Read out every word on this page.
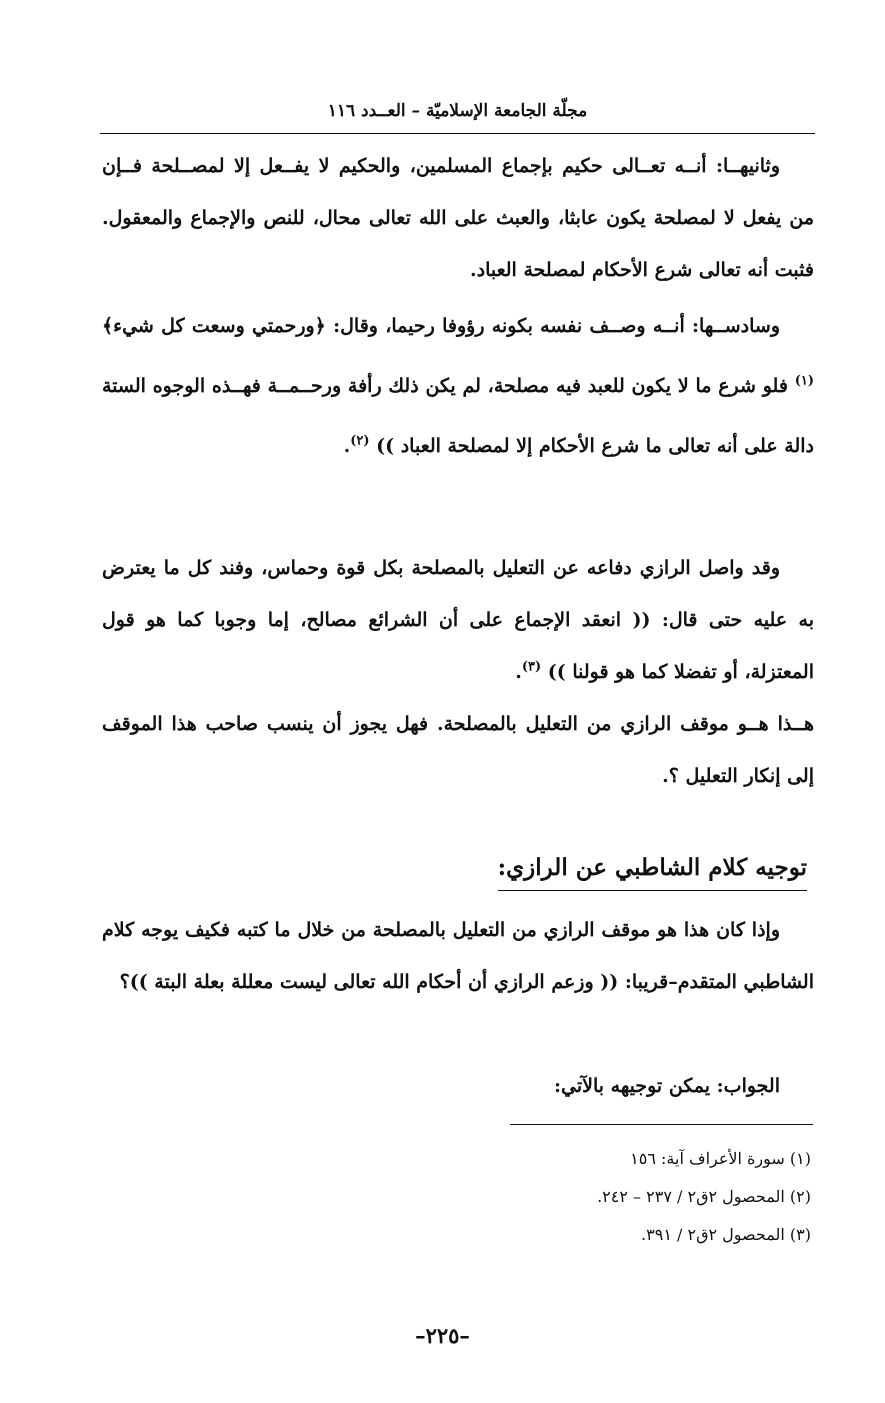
مجلّة الجامعة الإسلاميّة – العــدد ١١٦

وثانيهــا: أنــه تعــالى حكيم بإجماع المسلمين، والحكيم لا يفــعل إلا لمصــلحة فــإن من يفعل لا لمصلحة يكون عابثا، والعبث على الله تعالى محال، للنص والإجماع والمعقول. فثبت أنه تعالى شرع الأحكام لمصلحة العباد.

وسادســها: أنــه وصــف نفسه بكونه رؤوفا رحيما، وقال: ﴿ورحمتي وسعت كل شيء﴾$^{(١)}$ فلو شرع ما لا يكون للعبد فيه مصلحة، لم يكن ذلك رأفة ورحــمــة فهــذه الوجوه الستة دالة على أنه تعالى ما شرع الأحكام إلا لمصلحة العباد )) $^{(٢)}$.

وقد واصل الرازي دفاعه عن التعليل بالمصلحة بكل قوة وحماس، وفند كل ما يعترض به عليه حتى قال: (( انعقد الإجماع على أن الشرائع مصالح، إما وجوبا كما هو قول المعتزلة، أو تفضلا كما هو قولنا )) $^{(٣)}$.

هــذا هــو موقف الرازي من التعليل بالمصلحة. فهل يجوز أن ينسب صاحب هذا الموقف إلى إنكار التعليل ؟.

توجيه كلام الشاطبي عن الرازي:

وإذا كان هذا هو موقف الرازي من التعليل بالمصلحة من خلال ما كتبه فكيف يوجه كلام الشاطبي المتقدم–قريبا: (( وزعم الرازي أن أحكام الله تعالى ليست معللة بعلة البتة ))؟

الجواب: يمكن توجيهه بالآتي:

(١) سورة الأعراف آية: ١٥٦
(٢) المحصول ٢ق٢ / ٢٣٧ – ٢٤٢.
(٣) المحصول ٢ق٢ / ٣٩١.
–٢٢٥–
